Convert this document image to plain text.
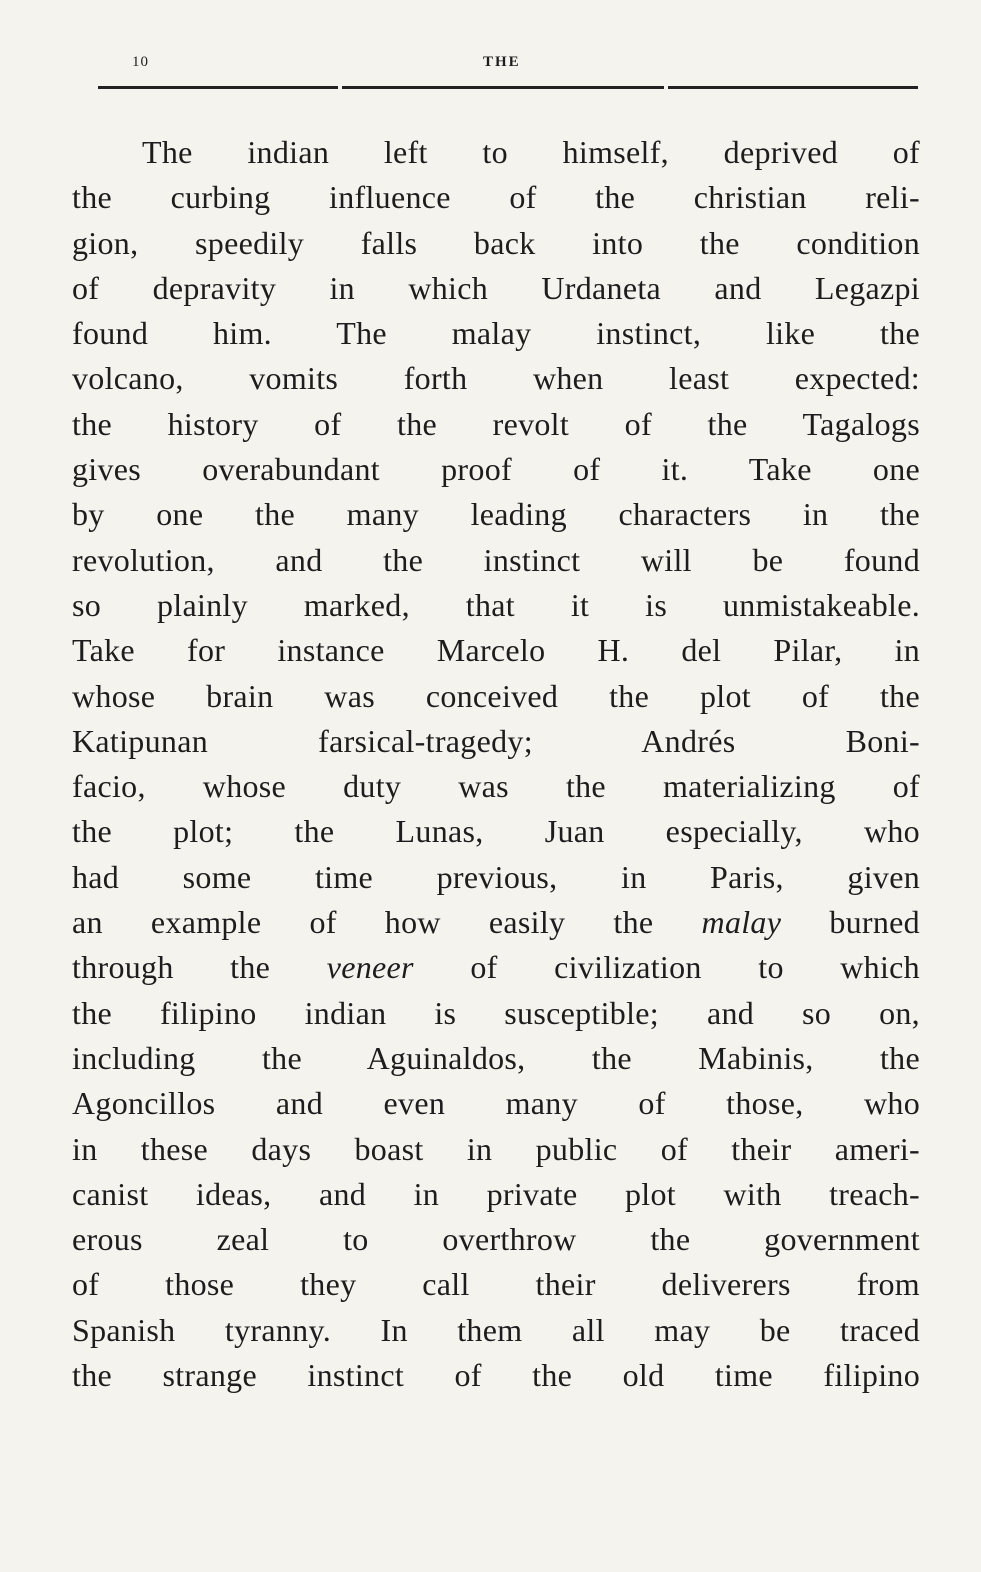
10	THE

The indian left to himself, deprived of
the curbing influence of the christian reli-
gion, speedily falls back into the condition
of depravity in which Urdaneta and Legazpi
found him. The malay instinct, like the
volcano, vomits forth when least expected:
the history of the revolt of the Tagalogs
gives overabundant proof of it. Take one
by one the many leading characters in the
revolution, and the instinct will be found
so plainly marked, that it is unmistakeable.
Take for instance Marcelo H. del Pilar, in
whose brain was conceived the plot of the
Katipunan farsical-tragedy; Andrés Boni-
facio, whose duty was the materializing of
the plot; the Lunas, Juan especially, who
had some time previous, in Paris, given
an example of how easily the malay burned
through the veneer of civilization to which
the filipino indian is susceptible; and so on,
including the Aguinaldos, the Mabinis, the
Agoncillos and even many of those, who
in these days boast in public of their ameri-
canist ideas, and in private plot with treach-
erous zeal to overthrow the government
of those they call their deliverers from
Spanish tyranny. In them all may be traced
the strange instinct of the old time filipino
